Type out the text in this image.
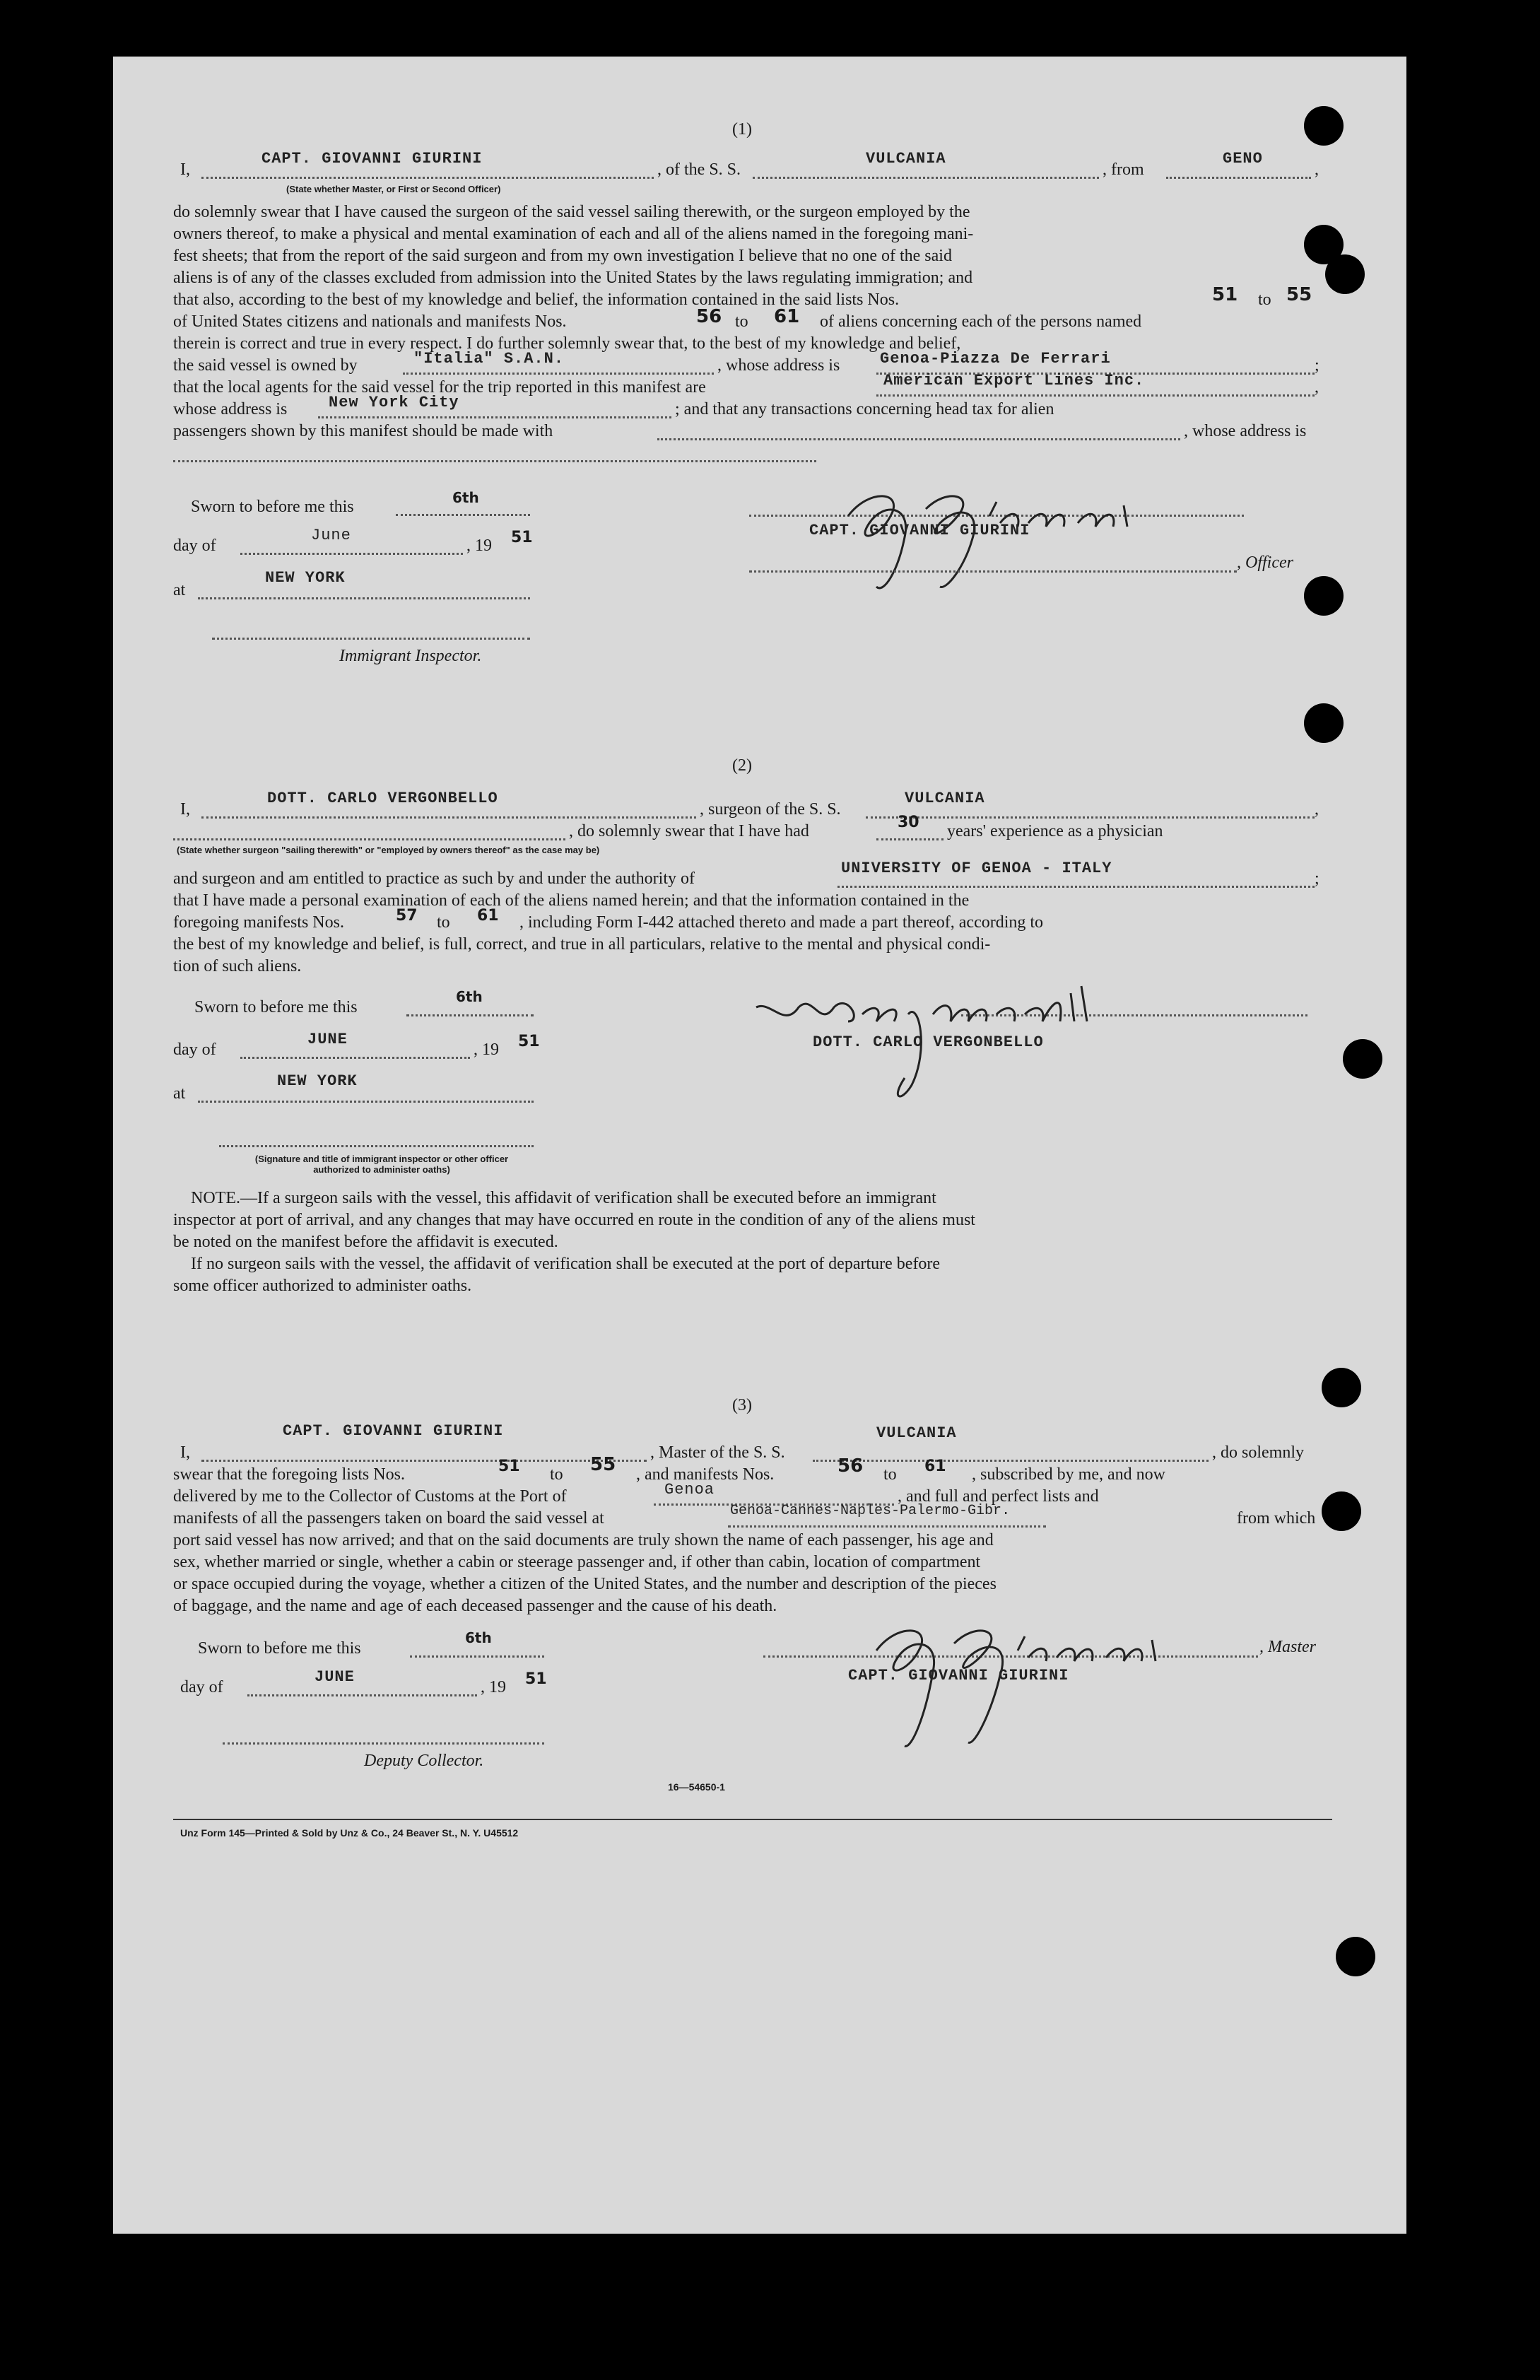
(1)
I,
CAPT. GIOVANNI GIURINI
, of the S. S.
VULCANIA
, from
GENO
,
(State whether Master, or First or Second Officer)
do solemnly swear that I have caused the surgeon of the said vessel sailing therewith, or the surgeon employed by the
owners thereof, to make a physical and mental examination of each and all of the aliens named in the foregoing mani-
fest sheets; that from the report of the said surgeon and from my own investigation I believe that no one of the said
aliens is of any of the classes excluded from admission into the United States by the laws regulating immigration; and
that also, according to the best of my knowledge and belief, the information contained in the said lists Nos.	51 to 55
of United States citizens and nationals and manifests Nos.	56 to 61 of aliens concerning each of the persons named
therein is correct and true in every respect. I do further solemnly swear that, to the best of my knowledge and belief,
the said vessel is owned by	"Italia" S.A.N.	, whose address is	Genoa-Piazza De Ferrari	;
that the local agents for the said vessel for the trip reported in this manifest are	American Export Lines Inc.	,
whose address is	New York City	; and that any transactions concerning head tax for alien
passengers shown by this manifest should be made with	, whose address is
Sworn to before me this	6th
day of
June
, 19 51
NEW YORK
at
Immigrant Inspector.
CAPT. GIOVANNI GIURINI
, Officer
(2)
I,
DOTT. CARLO VERGONBELLO
, surgeon of the S. S.
VULCANIA
,
, do solemnly swear that I have had	30 years' experience as a physician
(State whether surgeon "sailing therewith" or "employed by owners thereof" as the case may be)
and surgeon and am entitled to practice as such by and under the authority of
UNIVERSITY OF GENOA - ITALY
;
that I have made a personal examination of each of the aliens named herein; and that the information contained in the
foregoing manifests Nos.	57 to 61 , including Form I-442 attached thereto and made a part thereof, according to
the best of my knowledge and belief, is full, correct, and true in all particulars, relative to the mental and physical condi-
tion of such aliens.
Sworn to before me this
6th
day of
JUNE
, 19 51
NEW YORK
at
(Signature and title of immigrant inspector or other officer authorized to administer oaths)
DOTT. CARLO VERGONBELLO
NOTE.—If a surgeon sails with the vessel, this affidavit of verification shall be executed before an immigrant
inspector at port of arrival, and any changes that may have occurred en route in the condition of any of the aliens must
be noted on the manifest before the affidavit is executed.
If no surgeon sails with the vessel, the affidavit of verification shall be executed at the port of departure before
some officer authorized to administer oaths.
(3)
I,
CAPT. GIOVANNI GIURINI
, Master of the S. S.
VULCANIA
, do solemnly
swear that the foregoing lists Nos.	51 to 55 , and manifests Nos.	56 to 61 , subscribed by me, and now
delivered by me to the Collector of Customs at the Port of	Genoa	, and full and perfect lists and
manifests of all the passengers taken on board the said vessel at	Genoa-Cannes-Naples-Palermo-Gibr.	from which
port said vessel has now arrived; and that on the said documents are truly shown the name of each passenger, his age and
sex, whether married or single, whether a cabin or steerage passenger and, if other than cabin, location of compartment
or space occupied during the voyage, whether a citizen of the United States, and the number and description of the pieces
of baggage, and the name and age of each deceased passenger and the cause of his death.
Sworn to before me this
6th
day of
JUNE
, 19 51
Deputy Collector.
, Master
CAPT. GIOVANNI GIURINI
16—54650-1
Unz Form 145—Printed & Sold by Unz & Co., 24 Beaver St., N. Y. U45512
